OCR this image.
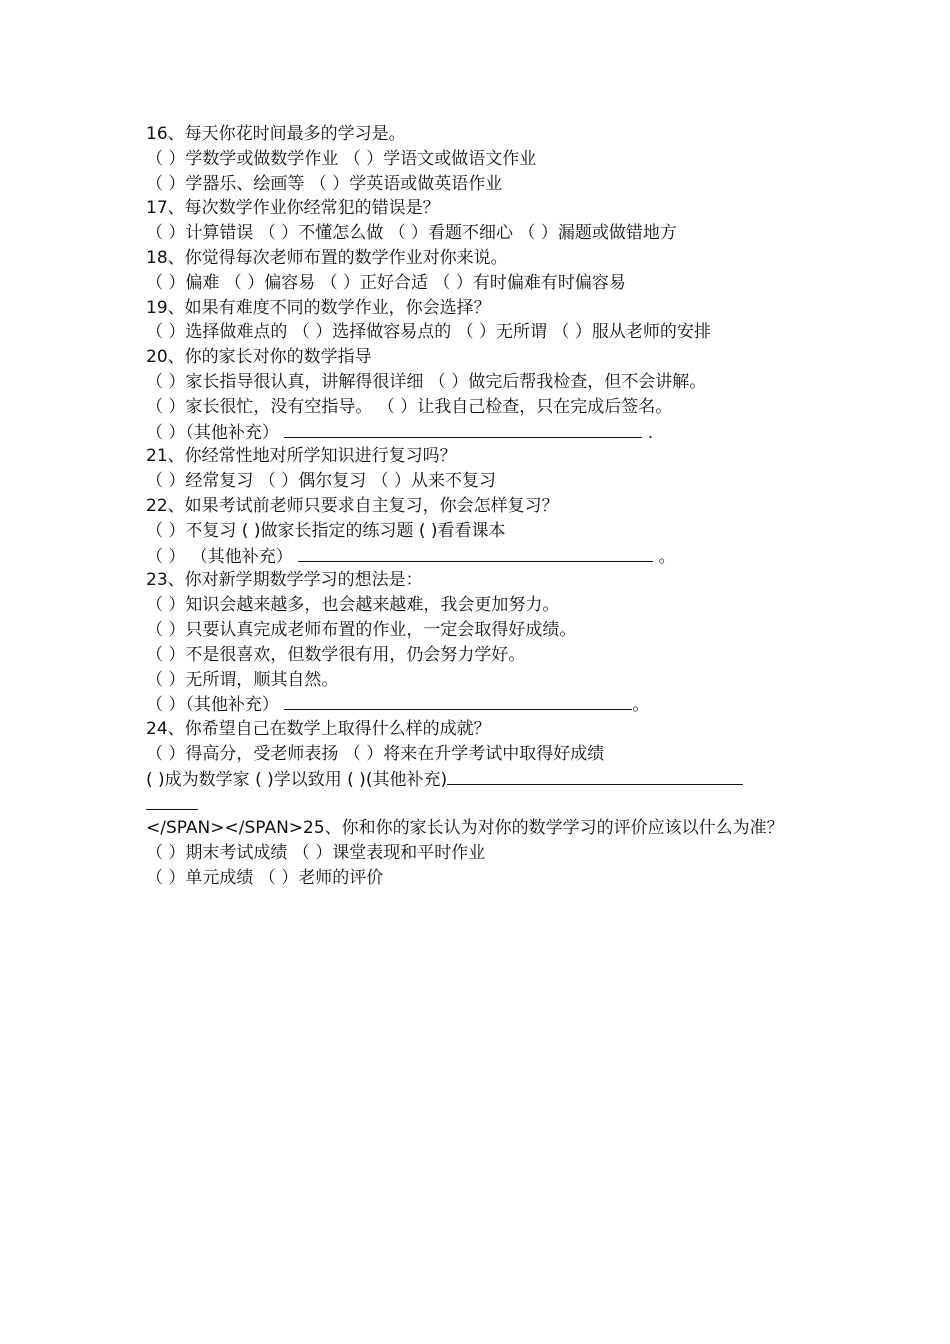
16、每天你花时间最多的学习是。
（ ）学数学或做数学作业 （ ）学语文或做语文作业
（ ）学器乐、绘画等 （ ）学英语或做英语作业
17、每次数学作业你经常犯的错误是？
（ ）计算错误 （ ）不懂怎么做 （ ）看题不细心 （ ）漏题或做错地方
18、你觉得每次老师布置的数学作业对你来说。
（ ）偏难 （ ）偏容易 （ ）正好合适 （ ）有时偏难有时偏容易
19、如果有难度不同的数学作业，你会选择？
（ ）选择做难点的 （ ）选择做容易点的 （ ）无所谓 （ ）服从老师的安排
20、你的家长对你的数学指导
（ ）家长指导很认真，讲解得很详细 （ ）做完后帮我检查，但不会讲解。
（ ）家长很忙，没有空指导。 （ ）让我自己检查，只在完成后签名。
（ ）（其他补充）	.
21、你经常性地对所学知识进行复习吗？
（ ）经常复习 （ ）偶尔复习 （ ）从来不复习
22、如果考试前老师只要求自主复习，你会怎样复习？
（ ）不复习 ( )做家长指定的练习题 ( )看看课本
（ ） （其他补充）	。
23、你对新学期数学学习的想法是：
（ ）知识会越来越多，也会越来越难，我会更加努力。
（ ）只要认真完成老师布置的作业，一定会取得好成绩。
（ ）不是很喜欢，但数学很有用，仍会努力学好。
（ ）无所谓，顺其自然。
（ ）（其他补充）	。
24、你希望自己在数学上取得什么样的成就？
（ ）得高分，受老师表扬 （ ）将来在升学考试中取得好成绩
( )成为数学家 ( )学以致用 ( )(其他补充)
</SPAN></SPAN>25、你和你的家长认为对你的数学学习的评价应该以什么为准？
（ ）期末考试成绩 （ ）课堂表现和平时作业
（ ）单元成绩 （ ）老师的评价
